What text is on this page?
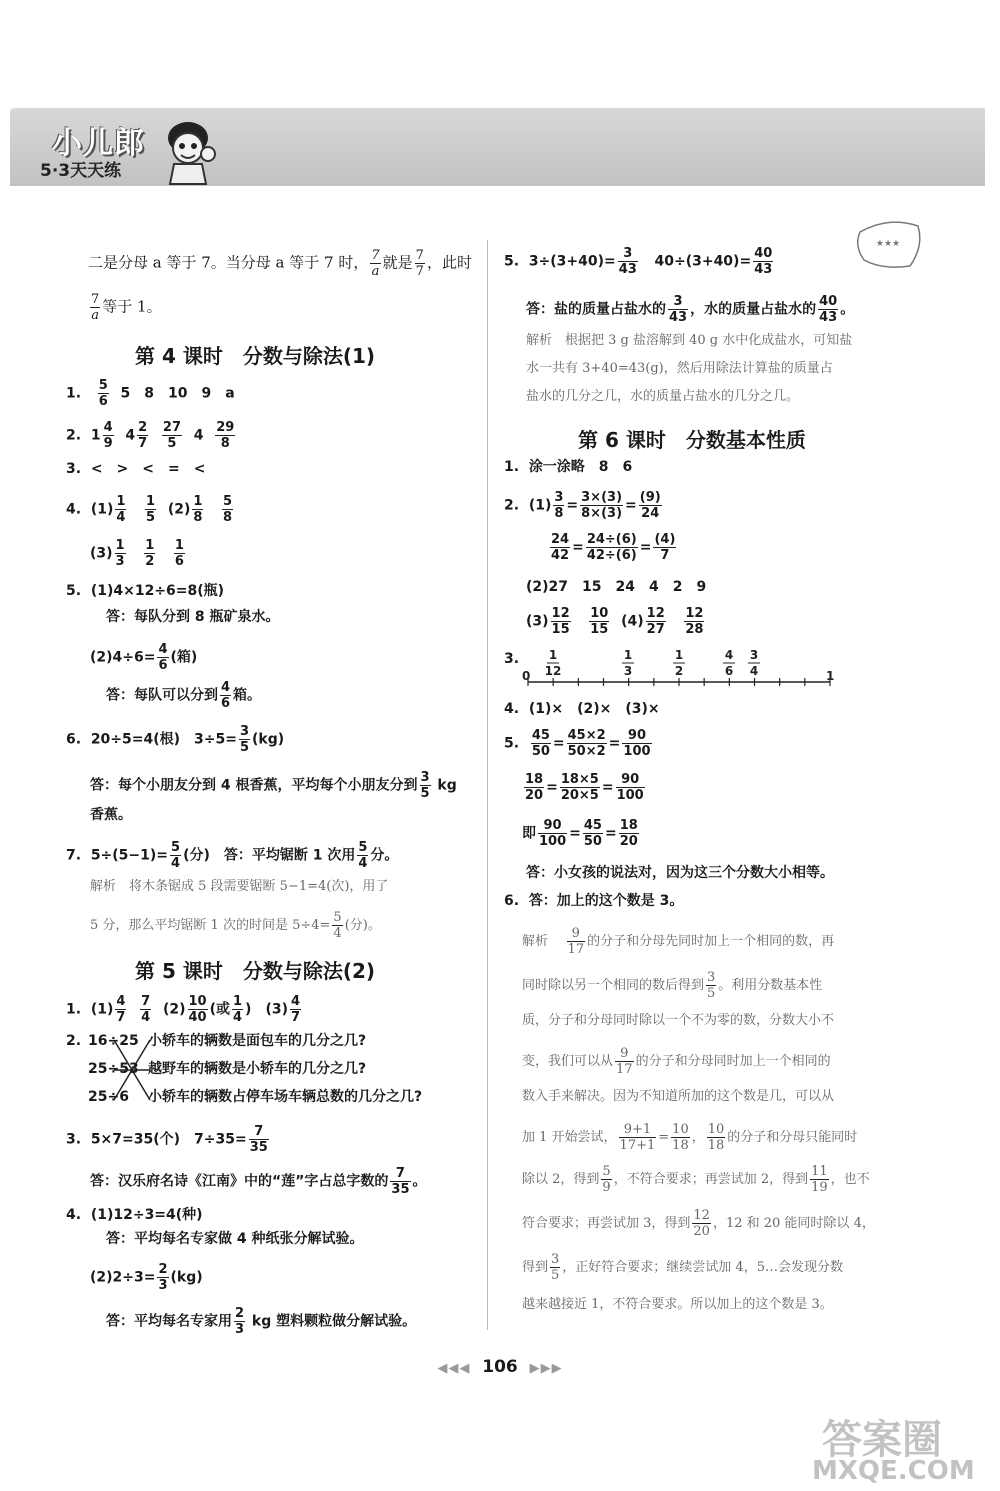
小儿郎
5·3天天练
★★★
二是分母 a 等于 7。当分母 a 等于 7 时， $\frac{7}{a}$ 就是 $\frac{7}{7}$ ，此时
$\frac{7}{a}$ 等于 1。
第 4 课时　分数与除法(1)
1. $\frac{5}{6} 5$　8　10　9　a
2. $1 \frac{4}{9} 4 \frac{2}{7}$
$\frac{27}{5} 4 \frac{29}{8}$
3. <　>　<　=　<
4. $(1) \frac{1}{4}$
$\frac{1}{5} (2) \frac{1}{8}$
$\frac{5}{8}$
$(3) \frac{1}{3}$
$\frac{1}{2}$
$\frac{1}{6}$
5. (1)4×12÷6=8(瓶)
答：每队分到 8 瓶矿泉水。
$(2)4\div 6= \frac{4}{6}$ (箱)
答：每队可以分到 $\frac{4}{6}$ 箱。
6. 20÷5=4(根)　$3\div 5= \frac{3}{5} (kg)$
答：每个小朋友分到 4 根香蕉，平均每个小朋友分到 $\frac{3}{5}$ kg
香蕉。
7. $5\div(5-1)= \frac{5}{4}$ (分)　答：平均锯断 1 次用 $\frac{5}{4}$ 分。
解析　将木条锯成 5 段需要锯断 5−1=4(次)，用了
5 分，那么平均锯断 1 次的时间是 $5\div 4= \frac{5}{4}$ (分)。
第 5 课时　分数与除法(2)
1. $(1) \frac{4}{7}$
$\frac{7}{4} (2) \frac{10}{40}$ (或 $\frac{1}{4}$ )　$(3) \frac{4}{7}$
2. 16÷25
25÷53
25÷6
小轿车的辆数是面包车的几分之几?
越野车的辆数是小轿车的几分之几?
小轿车的辆数占停车场车辆总数的几分之几?
3. 5×7=35(个)　$7\div 35= \frac{7}{35}$
答：汉乐府名诗《江南》中的“莲”字占总字数的 $\frac{7}{35}$ 。
4. (1)12÷3=4(种)
答：平均每名专家做 4 种纸张分解试验。
$(2)2\div 3= \frac{2}{3} (kg)$
答：平均每名专家用 $\frac{2}{3}$ kg 塑料颗粒做分解试验。
5. $3\div(3+40)= \frac{3}{43} 40\div(3+40)= \frac{40}{43}$
答：盐的质量占盐水的 $\frac{3}{43}$ ，水的质量占盐水的 $\frac{40}{43}$ 。
解析　根据把 3 g 盐溶解到 40 g 水中化成盐水，可知盐
水一共有 3+40=43(g)，然后用除法计算盐的质量占
盐水的几分之几，水的质量占盐水的几分之几。
第 6 课时　分数基本性质
1. 涂一涂略　8　6
2. $(1) \frac{3}{8} = \frac{3\times(3)}{8\times(3)} = \frac{(9)}{24}$
$\frac{24}{42} = \frac{24\div(6)}{42\div(6)} = \frac{(4)}{7}$
(2)27　15　24　4　2　9
$(3) \frac{12}{15}$
$\frac{10}{15} (4) \frac{12}{27}$
$\frac{12}{28}$
3.
0	1
1
12
1
3
1
2
4
6
3
4
4. (1)×　(2)×　(3)×
5. $\frac{45}{50} = \frac{45\times 2}{50\times 2} = \frac{90}{100}$
$\frac{18}{20} = \frac{18\times 5}{20\times 5} = \frac{90}{100}$
即 $\frac{90}{100} = \frac{45}{50} = \frac{18}{20}$
答：小女孩的说法对，因为这三个分数大小相等。
6. 答：加上的这个数是 3。
解析 $\frac{9}{17}$ 的分子和分母先同时加上一个相同的数，再
同时除以另一个相同的数后得到 $\frac{3}{5}$ 。利用分数基本性
质，分子和分母同时除以一个不为零的数，分数大小不
变，我们可以从 $\frac{9}{17}$ 的分子和分母同时加上一个相同的
数入手来解决。因为不知道所加的这个数是几，可以从
加 1 开始尝试， $\frac{9+1}{17+1} = \frac{10}{18}$ ， $\frac{10}{18}$ 的分子和分母只能同时
除以 2，得到 $\frac{5}{9}$ ，不符合要求；再尝试加 2，得到 $\frac{11}{19}$ ，也不
符合要求；再尝试加 3，得到 $\frac{12}{20}$ ，12 和 20 能同时除以 4，
得到 $\frac{3}{5}$ ，正好符合要求；继续尝试加 4，5…会发现分数
越来越接近 1，不符合要求。所以加上的这个数是 3。
◀◀◀ 106 ▶▶▶
答案圈
MXQE.COM
